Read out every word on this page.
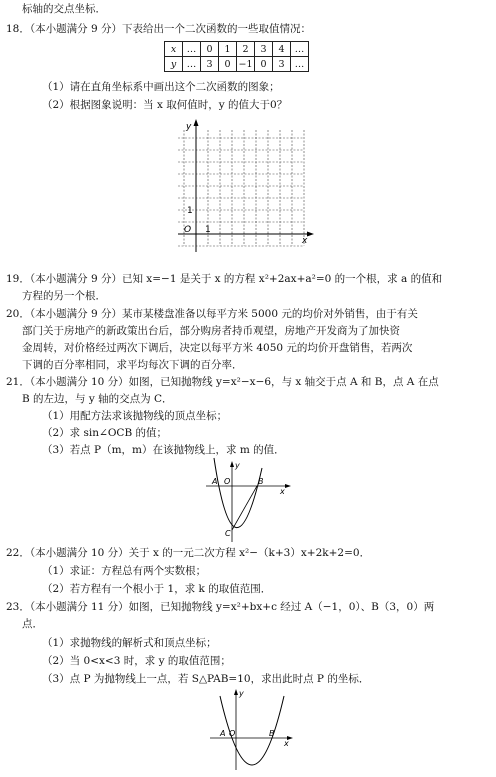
标轴的交点坐标．
18．（本小题满分 9 分）下表给出一个二次函数的一些取值情况：
x	…	0	1	2	3	4	…
y	…	3	0	−1	0	3	…
（1）请在直角坐标系中画出这个二次函数的图象；
（2）根据图象说明：当 x 取何值时，y 的值大于0？
y
x
O 1
1
19．（本小题满分 9 分）已知 x=−1 是关于 x 的方程 x²+2ax+a²=0 的一个根，求 a 的值和
方程的另一个根．
20．（本小题满分 9 分）某市某楼盘准备以每平方米 5000 元的均价对外销售，由于有关
部门关于房地产的新政策出台后，部分购房者持币观望，房地产开发商为了加快资
金周转，对价格经过两次下调后，决定以每平方米 4050 元的均价开盘销售，若两次
下调的百分率相同，求平均每次下调的百分率．
21．（本小题满分 10 分）如图，已知抛物线 y=x²−x−6，与 x 轴交于点 A 和 B，点 A 在点
B 的左边，与 y 轴的交点为 C．
（1）用配方法求该抛物线的顶点坐标；
（2）求 sin∠OCB 的值；
（3）若点 P（m，m）在该抛物线上，求 m 的值．
y
x
A O	B
C
22．（本小题满分 10 分）关于 x 的一元二次方程 x²−（k+3）x+2k+2=0．
（1）求证：方程总有两个实数根；
（2）若方程有一个根小于 1，求 k 的取值范围．
23．（本小题满分 11 分）如图，已知抛物线 y=x²+bx+c 经过 A（−1，0）、B（3，0）两
点．
（1）求抛物线的解析式和顶点坐标；
（2）当 0<x<3 时，求 y 的取值范围；
（3）点 P 为抛物线上一点，若 S△PAB=10，求出此时点 P 的坐标．
y
x
A O	B
